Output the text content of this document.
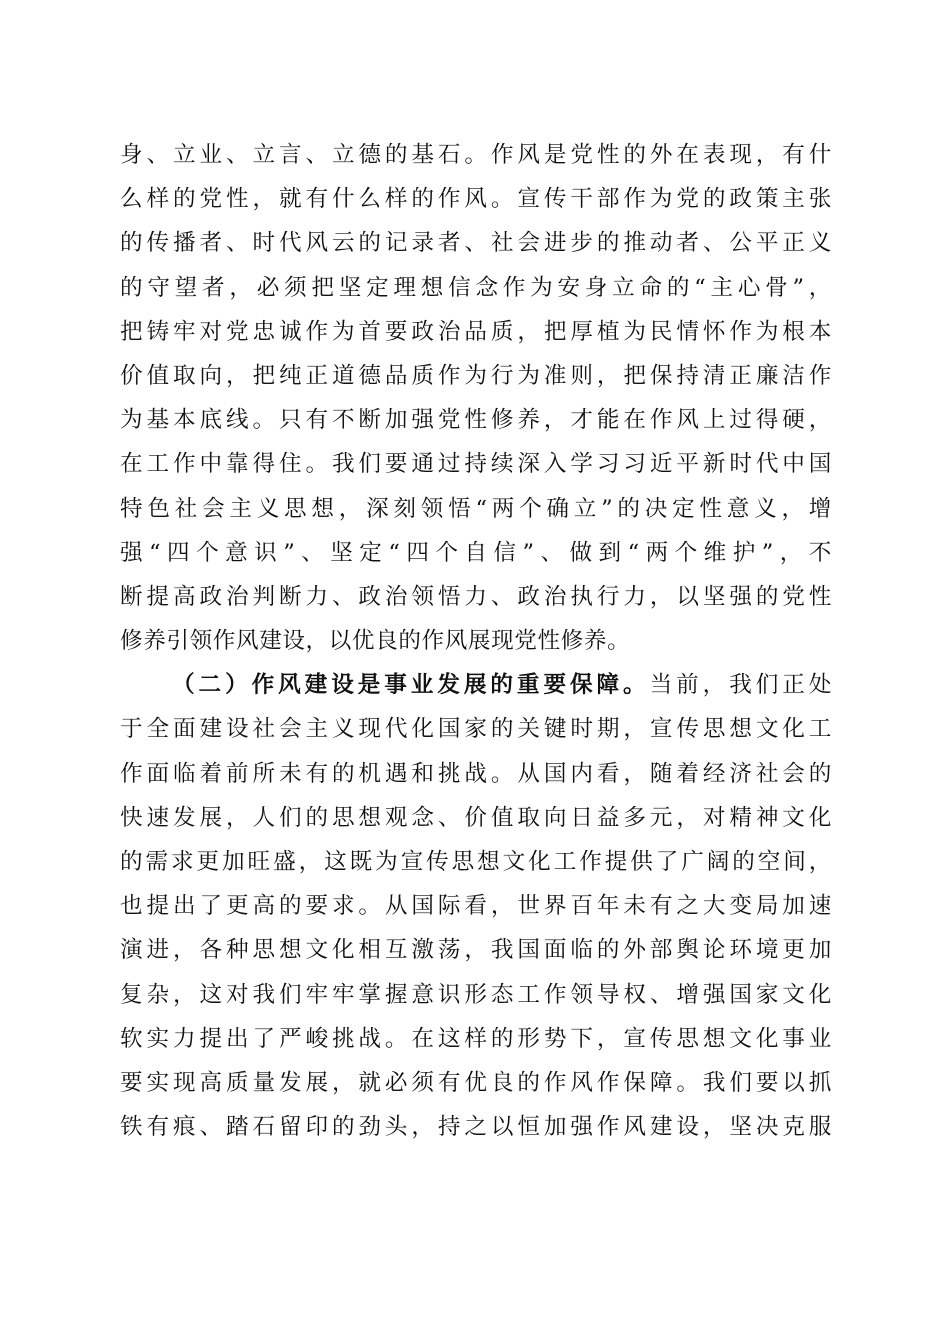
身、立业、立言、立德的基石。作风是党性的外在表现，有什
么样的党性，就有什么样的作风。宣传干部作为党的政策主张
的传播者、时代风云的记录者、社会进步的推动者、公平正义
的守望者，必须把坚定理想信念作为安身立命的“主心骨”，
把铸牢对党忠诚作为首要政治品质，把厚植为民情怀作为根本
价值取向，把纯正道德品质作为行为准则，把保持清正廉洁作
为基本底线。只有不断加强党性修养，才能在作风上过得硬，
在工作中靠得住。我们要通过持续深入学习习近平新时代中国
特色社会主义思想，深刻领悟“两个确立”的决定性意义，增
强“四个意识”、坚定“四个自信”、做到“两个维护”，不
断提高政治判断力、政治领悟力、政治执行力，以坚强的党性
修养引领作风建设，以优良的作风展现党性修养。
（二）作风建设是事业发展的重要保障。当前，我们正处
于全面建设社会主义现代化国家的关键时期，宣传思想文化工
作面临着前所未有的机遇和挑战。从国内看，随着经济社会的
快速发展，人们的思想观念、价值取向日益多元，对精神文化
的需求更加旺盛，这既为宣传思想文化工作提供了广阔的空间，
也提出了更高的要求。从国际看，世界百年未有之大变局加速
演进，各种思想文化相互激荡，我国面临的外部舆论环境更加
复杂，这对我们牢牢掌握意识形态工作领导权、增强国家文化
软实力提出了严峻挑战。在这样的形势下，宣传思想文化事业
要实现高质量发展，就必须有优良的作风作保障。我们要以抓
铁有痕、踏石留印的劲头，持之以恒加强作风建设，坚决克服
